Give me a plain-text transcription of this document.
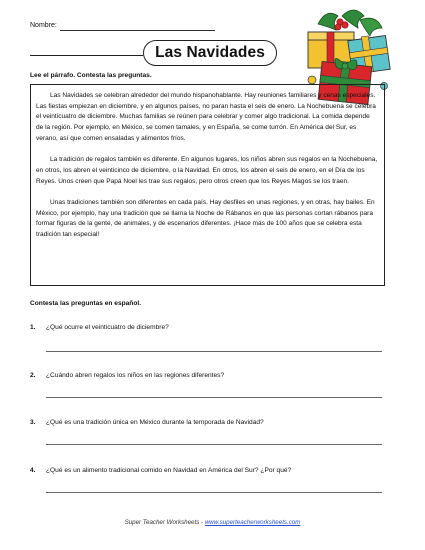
Nombre:
Las Navidades
Lee el párrafo. Contesta las preguntas.

Las Navidades se celebran alrededor del mundo hispanohablante. Hay reuniones familiares y cenas especiales. Las fiestas empiezan en diciembre, y en algunos países, no paran hasta el seis de enero. La Nochebuena se celebra el veinticuatro de diciembre. Muchas familias se reúnen para celebrar y comer algo tradicional. La comida depende de la región. Por ejemplo, en México, se comen tamales, y en España, se come turrón. En América del Sur, es verano, así que comen ensaladas y alimentos fríos.

La tradición de regalos también es diferente. En algunos lugares, los niños abren sus regalos en la Nochebuena, en otros, los abren el veinticinco de diciembre, o la Navidad. En otros, los abren el seis de enero, en el Día de los Reyes. Unos creen que Papá Noel les trae sus regalos, pero otros creen que los Reyes Magos se los traen.

Unas tradiciones también son diferentes en cada país. Hay desfiles en unas regiones, y en otras, hay bailes. En México, por ejemplo, hay una tradición que se llama la Noche de Rábanos en que las personas cortan rábanos para formar figuras de la gente, de animales, y de escenarios diferentes. ¡Hace más de 100 años que se celebra esta tradición tan especial!

Contesta las preguntas en español.
1. ¿Qué ocurre el veinticuatro de diciembre?
2. ¿Cuándo abren regalos los niños en las regiones diferentes?
3. ¿Qué es una tradición única en México durante la temporada de Navidad?
4. ¿Qué es un alimento tradicional comido en Navidad en América del Sur? ¿Por qué?
Super Teacher Worksheets - www.superteacherworksheets.com
